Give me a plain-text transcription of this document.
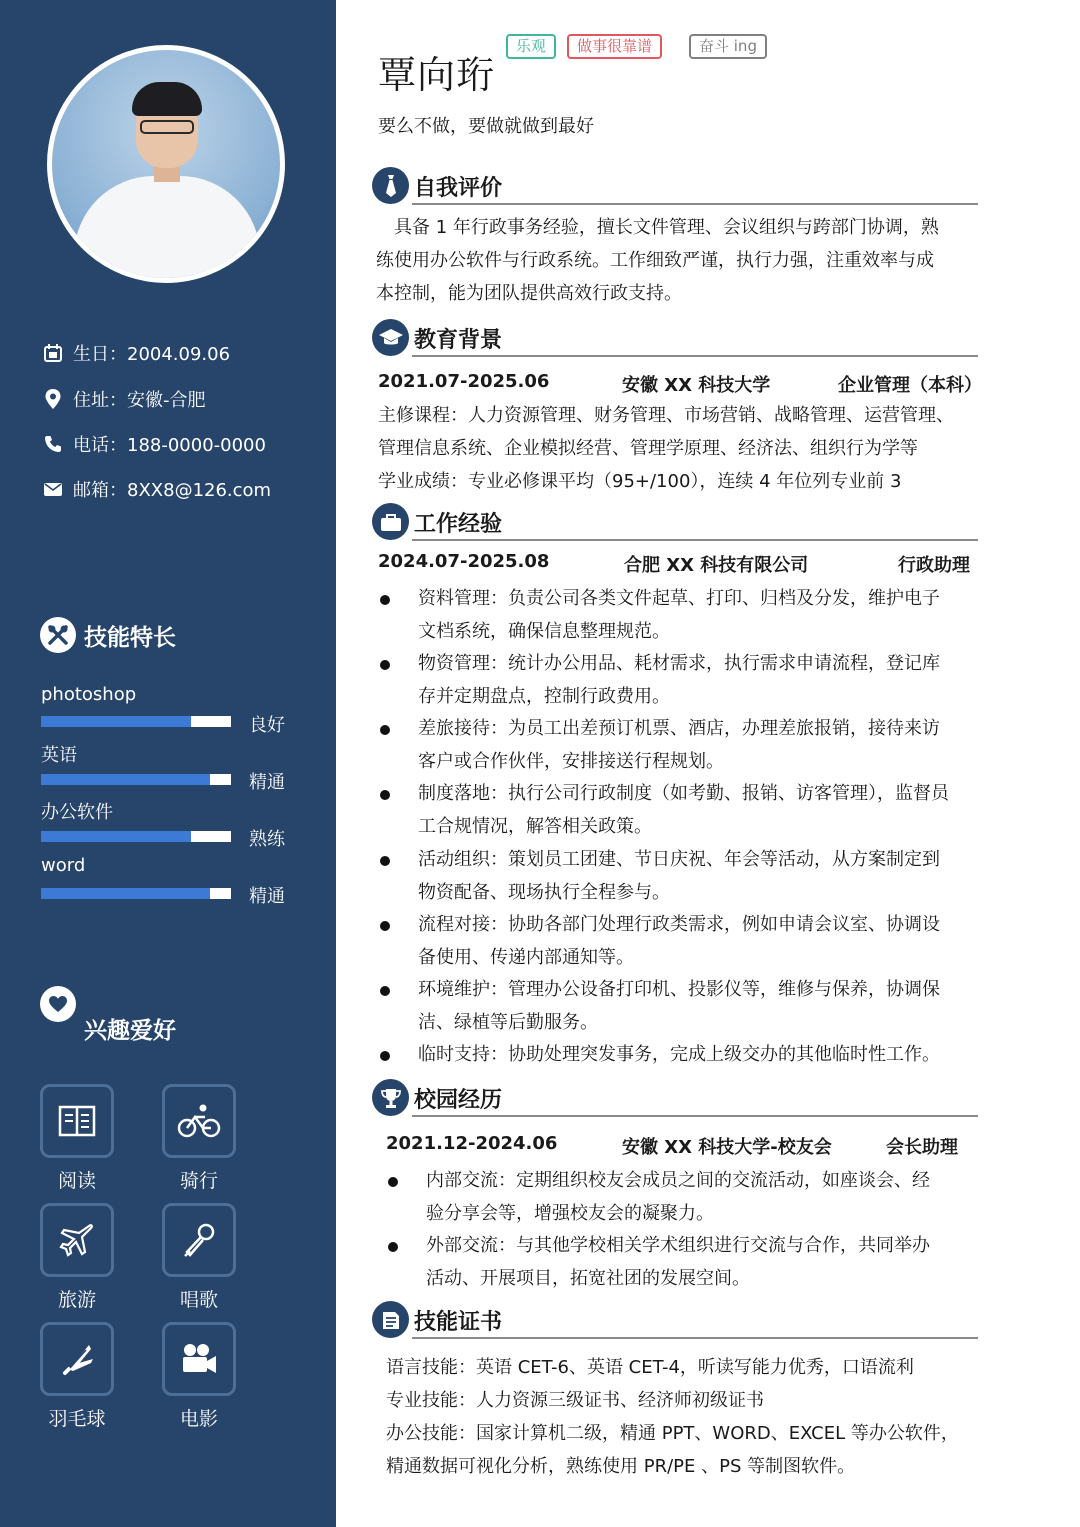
生日：2004.09.06
住址：安徽-合肥
电话：188-0000-0000
邮箱：8XX8@126.com
技能特长
photoshop
良好
英语
精通
办公软件
熟练
word
精通
兴趣爱好
阅读	骑行
旅游	唱歌
羽毛球	电影
覃向珩
乐观	做事很靠谱	奋斗 ing
要么不做，要做就做到最好
自我评价
具备 1 年行政事务经验，擅长文件管理、会议组织与跨部门协调，熟
练使用办公软件与行政系统。工作细致严谨，执行力强，注重效率与成
本控制，能为团队提供高效行政支持。
教育背景
2021.07-2025.06	安徽 XX 科技大学	企业管理（本科）
主修课程：人力资源管理、财务管理、市场营销、战略管理、运营管理、
管理信息系统、企业模拟经营、管理学原理、经济法、组织行为学等
学业成绩：专业必修课平均（95+/100），连续 4 年位列专业前 3
工作经验
2024.07-2025.08	合肥 XX 科技有限公司	行政助理
资料管理：负责公司各类文件起草、打印、归档及分发，维护电子
文档系统，确保信息整理规范。
物资管理：统计办公用品、耗材需求，执行需求申请流程，登记库
存并定期盘点，控制行政费用。
差旅接待：为员工出差预订机票、酒店，办理差旅报销，接待来访
客户或合作伙伴，安排接送行程规划。
制度落地：执行公司行政制度（如考勤、报销、访客管理），监督员
工合规情况，解答相关政策。
活动组织：策划员工团建、节日庆祝、年会等活动，从方案制定到
物资配备、现场执行全程参与。
流程对接：协助各部门处理行政类需求，例如申请会议室、协调设
备使用、传递内部通知等。
环境维护：管理办公设备打印机、投影仪等，维修与保养，协调保
洁、绿植等后勤服务。
临时支持：协助处理突发事务，完成上级交办的其他临时性工作。
校园经历
2021.12-2024.06	安徽 XX 科技大学-校友会	会长助理
内部交流：定期组织校友会成员之间的交流活动，如座谈会、经
验分享会等，增强校友会的凝聚力。
外部交流：与其他学校相关学术组织进行交流与合作，共同举办
活动、开展项目，拓宽社团的发展空间。
技能证书
语言技能：英语 CET-6、英语 CET-4，听读写能力优秀，口语流利
专业技能：人力资源三级证书、经济师初级证书
办公技能：国家计算机二级，精通 PPT、WORD、EXCEL 等办公软件，
精通数据可视化分析，熟练使用 PR/PE 、PS 等制图软件。
